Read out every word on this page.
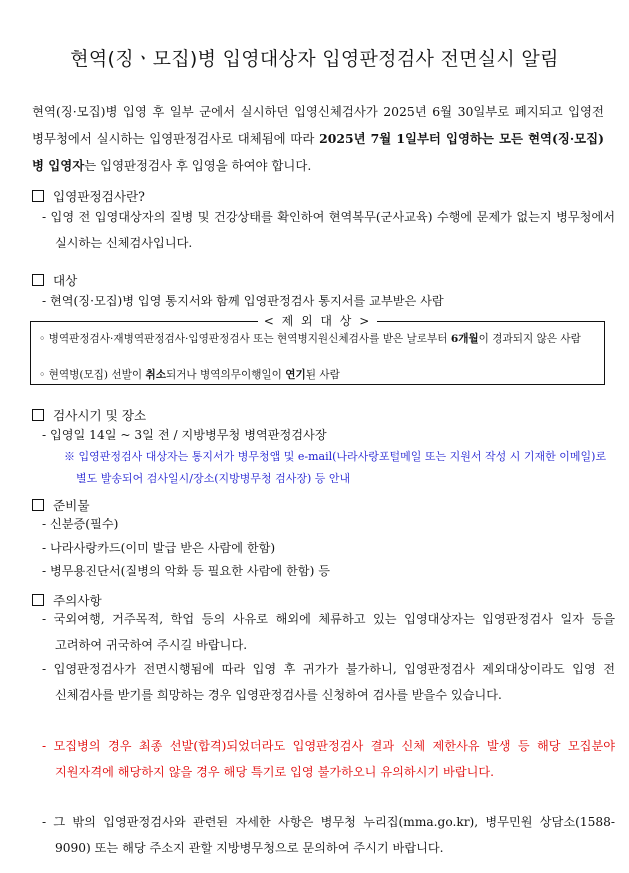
현역(징ㆍ모집)병 입영대상자 입영판정검사 전면실시 알림
현역(징·모집)병 입영 후 일부 군에서 실시하던 입영신체검사가 2025년 6월 30일부로 폐지되고 입영전 병무청에서 실시하는 입영판정검사로 대체됨에 따라 2025년 7월 1일부터 입영하는 모든 현역(징·모집)병 입영자는 입영판정검사 후 입영을 하여야 합니다.
입영판정검사란?
- 입영 전 입영대상자의 질병 및 건강상태를 확인하여 현역복무(군사교육) 수행에 문제가 없는지 병무청에서 실시하는 신체검사입니다.
대상
- 현역(징·모집)병 입영 통지서와 함께 입영판정검사 통지서를 교부받은 사람
< 제 외 대 상 >
◦ 병역판정검사·재병역판정검사·입영판정검사 또는 현역병지원신체검사를 받은 날로부터 6개월이 경과되지 않은 사람
◦ 현역병(모집) 선발이 취소되거나 병역의무이행일이 연기된 사람
검사시기 및 장소
- 입영일 14일 ~ 3일 전 / 지방병무청 병역판정검사장
※ 입영판정검사 대상자는 통지서가 병무청앱 및 e-mail(나라사랑포털메일 또는 지원서 작성 시 기재한 이메일)로 별도 발송되어 검사일시/장소(지방병무청 검사장) 등 안내
준비물
- 신분증(필수)
- 나라사랑카드(이미 발급 받은 사람에 한함)
- 병무용진단서(질병의 악화 등 필요한 사람에 한함) 등
주의사항
- 국외여행, 거주목적, 학업 등의 사유로 해외에 체류하고 있는 입영대상자는 입영판정검사 일자 등을 고려하여 귀국하여 주시길 바랍니다.
- 입영판정검사가 전면시행됨에 따라 입영 후 귀가가 불가하니, 입영판정검사 제외대상이라도 입영 전 신체검사를 받기를 희망하는 경우 입영판정검사를 신청하여 검사를 받을수 있습니다.
- 모집병의 경우 최종 선발(합격)되었더라도 입영판정검사 결과 신체 제한사유 발생 등 해당 모집분야 지원자격에 해당하지 않을 경우 해당 특기로 입영 불가하오니 유의하시기 바랍니다.
- 그 밖의 입영판정검사와 관련된 자세한 사항은 병무청 누리집(mma.go.kr), 병무민원 상담소(1588-9090) 또는 해당 주소지 관할 지방병무청으로 문의하여 주시기 바랍니다.
